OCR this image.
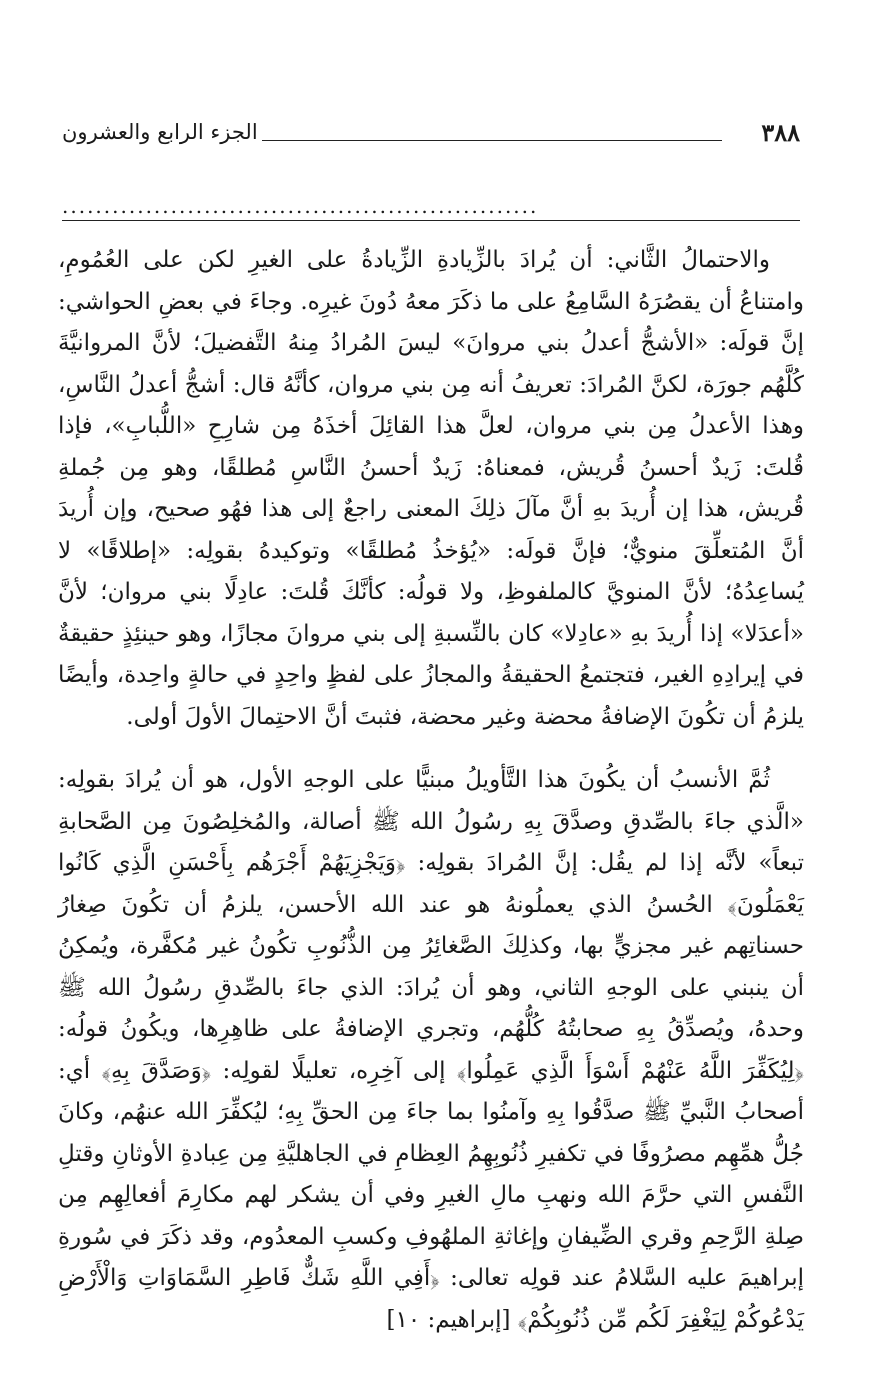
٣٨٨
الجزء الرابع والعشرون
.........................................................

والاحتمالُ الثَّاني: أن يُرادَ بالزِّيادةِ الزِّيادةُ على الغيرِ لكن على العُمُومِ، وامتناعُ أن يقصُرَهُ السَّامِعُ على ما ذكَرَ معهُ دُونَ غيرِه. وجاءَ في بعضِ الحواشي: إنَّ قولَه: «الأشجُّ أعدلُ بني مروانَ» ليسَ المُرادُ مِنهُ التَّفضيلَ؛ لأنَّ المروانيَّةَ كُلَّهُم جورَة، لكنَّ المُرادَ: تعريفُ أنه مِن بني مروان، كأنَّهُ قال: أشجُّ أعدلُ النَّاسِ، وهذا الأعدلُ مِن بني مروان، لعلَّ هذا القائِلَ أخذَهُ مِن شارِحِ «اللُّبابِ»، فإذا قُلتَ: زَيدٌ أحسنُ قُريش، فمعناهُ: زَيدٌ أحسنُ النَّاسِ مُطلقًا، وهو مِن جُملةِ قُريش، هذا إن أُريدَ بهِ أنَّ مآلَ ذلِكَ المعنى راجعٌ إلى هذا فهُو صحيح، وإن أُريدَ أنَّ المُتعلِّقَ منويٌّ؛ فإنَّ قولَه: «يُؤخذُ مُطلقًا» وتوكيدهُ بقولِه: «إطلاقًا» لا يُساعِدُهُ؛ لأنَّ المنويَّ كالملفوظِ، ولا قولُه: كأنَّكَ قُلتَ: عادِلًا بني مروان؛ لأنَّ «أعدَلا» إذا أُريدَ بهِ «عادِلا» كان بالنِّسبةِ إلى بني مروانَ مجازًا، وهو حينئِذٍ حقيقةٌ في إيرادِهِ الغير، فتجتمعُ الحقيقةُ والمجازُ على لفظٍ واحِدٍ في حالةٍ واحِدة، وأيضًا يلزمُ أن تكُونَ الإضافةُ محضة وغير محضة، فثبتَ أنَّ الاحتِمالَ الأولَ أولى.

ثُمَّ الأنسبُ أن يكُونَ هذا التَّأويلُ مبنيًّا على الوجهِ الأول، هو أن يُرادَ بقولِه: «الَّذي جاءَ بالصِّدقِ وصدَّقَ بِهِ رسُولُ الله ﷺ أصالة، والمُخلِصُونَ مِن الصَّحابةِ تبعاً» لأنَّه إذا لم يقُل: إنَّ المُرادَ بقولِه: ﴿وَيَجْزِيَهُمْ أَجْرَهُم بِأَحْسَنِ الَّذِي كَانُوا يَعْمَلُونَ﴾ الحُسنُ الذي يعملُونهُ هو عند الله الأحسن، يلزمُ أن تكُونَ صِغارُ حسناتِهم غير مجزيٍّ بها، وكذلِكَ الصَّغائِرُ مِن الذُّنُوبِ تكُونُ غير مُكفَّرة، ويُمكِنُ أن ينبني على الوجهِ الثاني، وهو أن يُرادَ: الذي جاءَ بالصِّدقِ رسُولُ الله ﷺ وحدهُ، ويُصدِّقُ بِهِ صحابتُهُ كُلُّهُم، وتجري الإضافةُ على ظاهِرِها، ويكُونُ قولُه: ﴿لِيُكَفِّرَ اللَّهُ عَنْهُمْ أَسْوَأَ الَّذِي عَمِلُوا﴾ إلى آخِرِه، تعليلًا لقولِه: ﴿وَصَدَّقَ بِهِ﴾ أي: أصحابُ النَّبيِّ ﷺ صدَّقُوا بِهِ وآمنُوا بما جاءَ مِن الحقِّ بِهِ؛ ليُكفِّرَ الله عنهُم، وكانَ جُلُّ همِّهِم مصرُوفًا في تكفيرِ ذُنُوبِهِمُ العِظامِ في الجاهليَّةِ مِن عِبادةِ الأوثانِ وقتلِ النَّفسِ التي حرَّمَ الله ونهبِ مالِ الغيرِ وفي أن يشكر لهم مكارِمَ أفعالِهِم مِن صِلةِ الرَّحِمِ وقري الضِّيفانِ وإغاثةِ الملهُوفِ وكسبِ المعدُوم، وقد ذكَرَ في سُورةِ إبراهيمَ عليه السَّلامُ عند قولِه تعالى: ﴿أَفِي اللَّهِ شَكٌّ فَاطِرِ السَّمَاوَاتِ وَالْأَرْضِ يَدْعُوكُمْ لِيَغْفِرَ لَكُم مِّن ذُنُوبِكُمْ﴾ [إبراهيم: ١٠]
